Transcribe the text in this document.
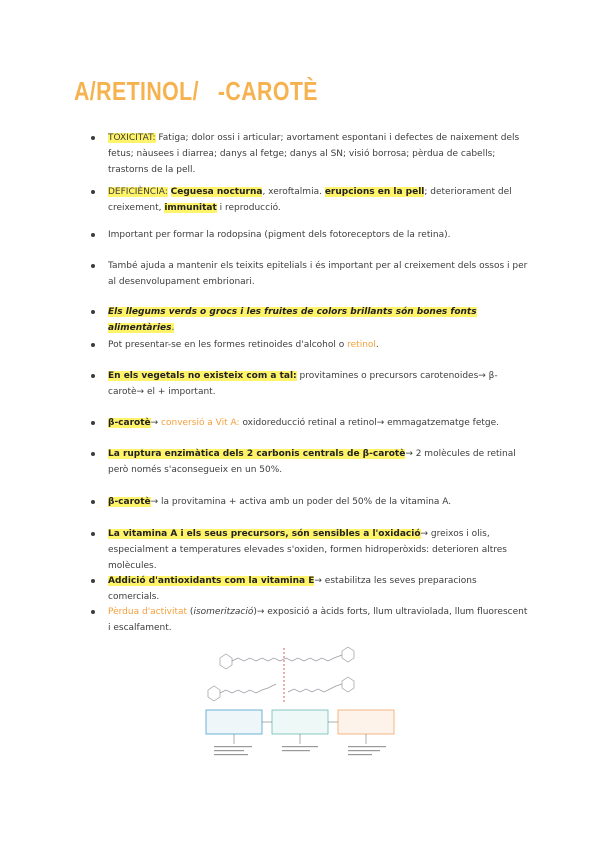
A/RETINOL/   -CAROTÈ
TOXICITAT: Fatiga; dolor ossi i articular; avortament espontani i defectes de naixement dels fetus; nàusees i diarrea; danys al fetge; danys al SN; visió borrosa; pèrdua de cabells; trastorns de la pell.
DEFICIÈNCIA: Ceguesa nocturna, xeroftalmia. erupcions en la pell; deteriorament del creixement, immunitat i reproducció.
Important per formar la rodopsina (pigment dels fotoreceptors de la retina).
També ajuda a mantenir els teixits epitelials i és important per al creixement dels ossos i per al desenvolupament embrionari.
Els llegums verds o grocs i les fruites de colors brillants són bones fonts alimentàries.
Pot presentar-se en les formes retinoides d'alcohol o retinol.
En els vegetals no existeix com a tal: provitamines o precursors carotenoides→ β- carotè→ el + important.
β-carotè→ conversió a Vit A: oxidoreducció retinal a retinol→ emmagatzematge fetge.
La ruptura enzimàtica dels 2 carbonis centrals de β-carotè→ 2 molècules de retinal però només s'aconsegueix en un 50%.
β-carotè→ la provitamina + activa amb un poder del 50% de la vitamina A.
La vitamina A i els seus precursors, són sensibles a l'oxidació→ greixos i olis, especialment a temperatures elevades s'oxiden, formen hidroperòxids: deterioren altres molècules.
Addició d'antioxidants com la vitamina E→ estabilitza les seves preparacions comercials.
Pèrdua d'activitat (isomerització)→ exposició a àcids forts, llum ultraviolada, llum fluorescent i escalfament.
